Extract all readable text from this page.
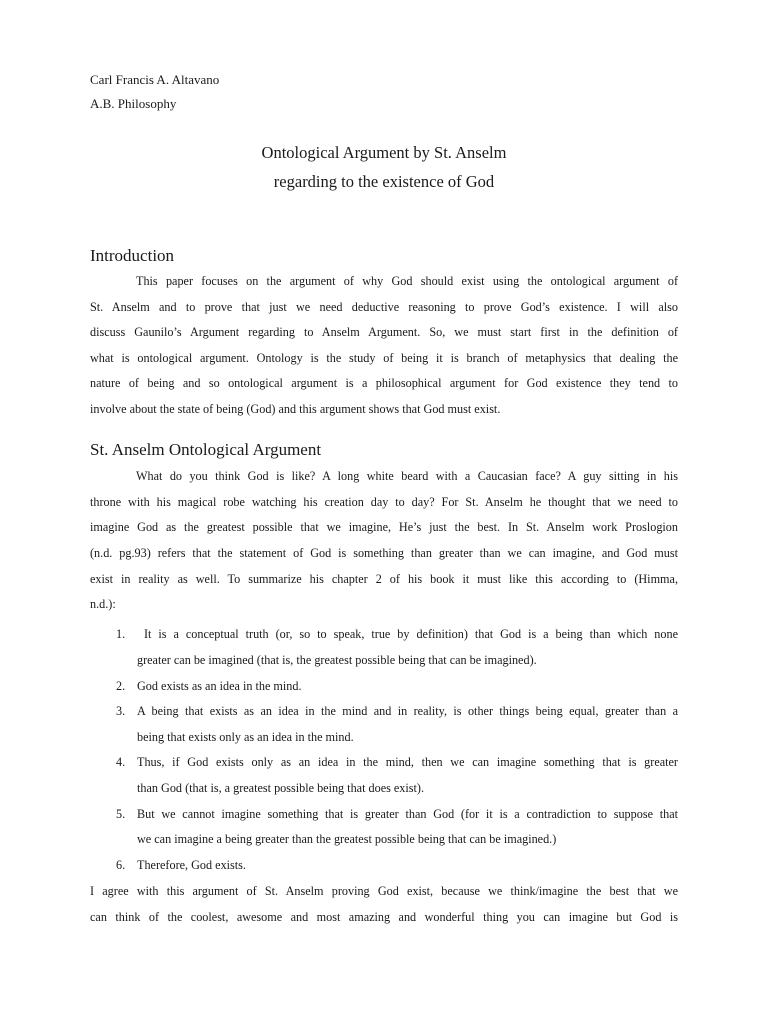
Carl Francis A. Altavano
A.B. Philosophy
Ontological Argument by St. Anselm
regarding to the existence of God
Introduction
This paper focuses on the argument of why God should exist using the ontological argument of
St. Anselm and to prove that just we need deductive reasoning to prove God’s existence. I will also
discuss Gaunilo’s Argument regarding to Anselm Argument. So, we must start first in the definition of
what is ontological argument. Ontology is the study of being it is branch of metaphysics that dealing the
nature of being and so ontological argument is a philosophical argument for God existence they tend to
involve about the state of being (God) and this argument shows that God must exist.
St. Anselm Ontological Argument
What do you think God is like? A long white beard with a Caucasian face? A guy sitting in his
throne with his magical robe watching his creation day to day? For St. Anselm he thought that we need to
imagine God as the greatest possible that we imagine, He’s just the best. In St. Anselm work Proslogion
(n.d. pg.93) refers that the statement of God is something than greater than we can imagine, and God must
exist in reality as well. To summarize his chapter 2 of his book it must like this according to (Himma,
n.d.):
1. It is a conceptual truth (or, so to speak, true by definition) that God is a being than which none
greater can be imagined (that is, the greatest possible being that can be imagined).
2. God exists as an idea in the mind.
3. A being that exists as an idea in the mind and in reality, is other things being equal, greater than a
being that exists only as an idea in the mind.
4. Thus, if God exists only as an idea in the mind, then we can imagine something that is greater
than God (that is, a greatest possible being that does exist).
5. But we cannot imagine something that is greater than God (for it is a contradiction to suppose that
we can imagine a being greater than the greatest possible being that can be imagined.)
6. Therefore, God exists.
I agree with this argument of St. Anselm proving God exist, because we think/imagine the best that we
can think of the coolest, awesome and most amazing and wonderful thing you can imagine but God is
